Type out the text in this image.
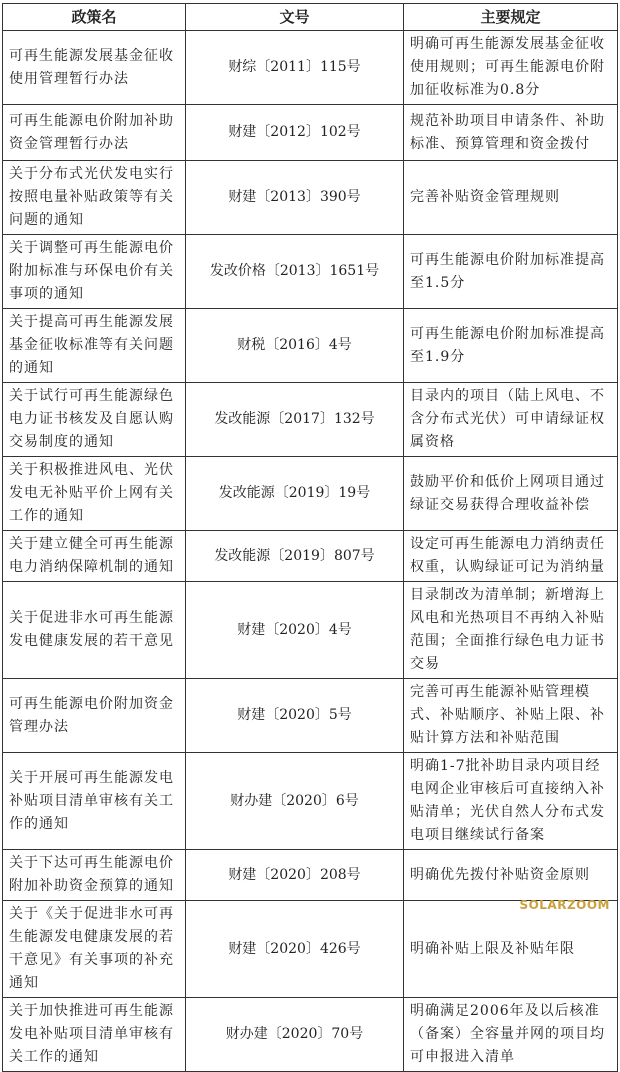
政策名	文号	主要规定
可再生能源发展基金征收使用管理暂行办法	财综〔2011〕115号	明确可再生能源发展基金征收使用规则；可再生能源电价附加征收标准为0.8分
可再生能源电价附加补助资金管理暂行办法	财建〔2012〕102号	规范补助项目申请条件、补助标准、预算管理和资金拨付
关于分布式光伏发电实行按照电量补贴政策等有关问题的通知	财建〔2013〕390号	完善补贴资金管理规则
关于调整可再生能源电价附加标准与环保电价有关事项的通知	发改价格〔2013〕1651号	可再生能源电价附加标准提高至1.5分
关于提高可再生能源发展基金征收标准等有关问题的通知	财税〔2016〕4号	可再生能源电价附加标准提高至1.9分
关于试行可再生能源绿色电力证书核发及自愿认购交易制度的通知	发改能源〔2017〕132号	目录内的项目（陆上风电、不含分布式光伏）可申请绿证权属资格
关于积极推进风电、光伏发电无补贴平价上网有关工作的通知	发改能源〔2019〕19号	鼓励平价和低价上网项目通过绿证交易获得合理收益补偿
关于建立健全可再生能源电力消纳保障机制的通知	发改能源〔2019〕807号	设定可再生能源电力消纳责任权重，认购绿证可记为消纳量
关于促进非水可再生能源发电健康发展的若干意见	财建〔2020〕4号	目录制改为清单制；新增海上风电和光热项目不再纳入补贴范围；全面推行绿色电力证书交易
可再生能源电价附加资金管理办法	财建〔2020〕5号	完善可再生能源补贴管理模式、补贴顺序、补贴上限、补贴计算方法和补贴范围
关于开展可再生能源发电补贴项目清单审核有关工作的通知	财办建〔2020〕6号	明确1-7批补助目录内项目经电网企业审核后可直接纳入补贴清单；光伏自然人分布式发电项目继续试行备案
关于下达可再生能源电价附加补助资金预算的通知	财建〔2020〕208号	明确优先拨付补贴资金原则
关于《关于促进非水可再生能源发电健康发展的若干意见》有关事项的补充通知	财建〔2020〕426号	明确补贴上限及补贴年限
关于加快推进可再生能源发电补贴项目清单审核有关工作的通知	财办建〔2020〕70号	明确满足2006年及以后核准（备案）全容量并网的项目均可申报进入清单
SOLARZOOM
